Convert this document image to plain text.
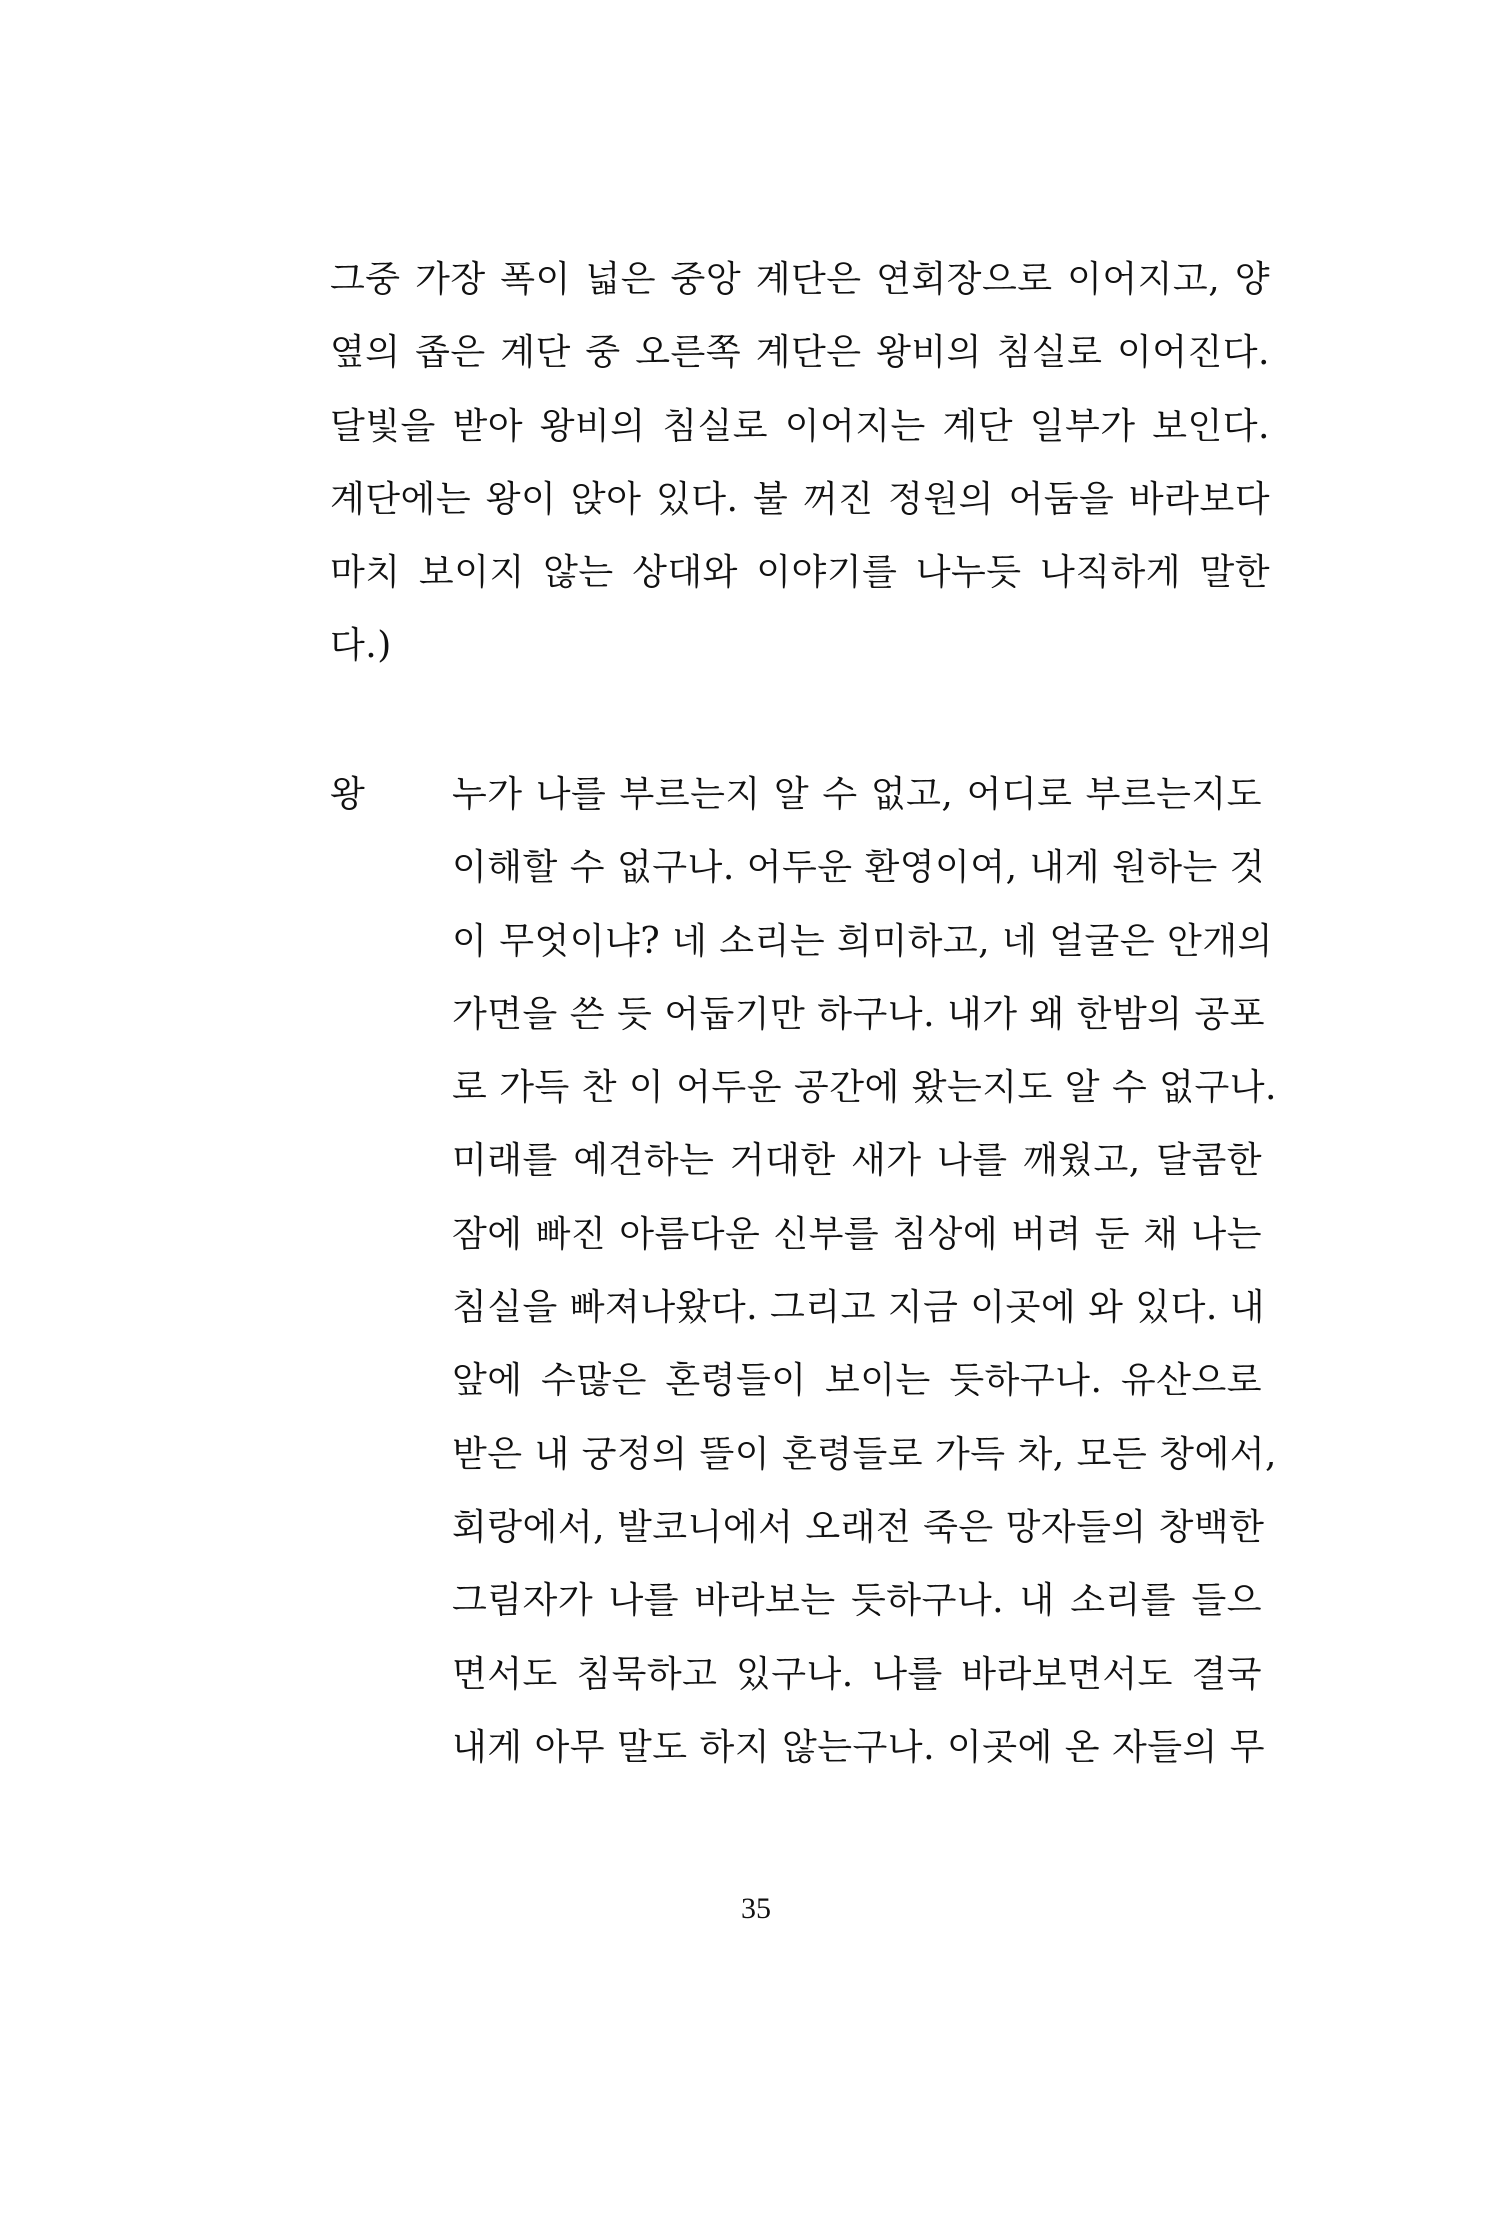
그중 가장 폭이 넓은 중앙 계단은 연회장으로 이어지고, 양
옆의 좁은 계단 중 오른쪽 계단은 왕비의 침실로 이어진다.
달빛을 받아 왕비의 침실로 이어지는 계단 일부가 보인다.
계단에는 왕이 앉아 있다. 불 꺼진 정원의 어둠을 바라보다
마치 보이지 않는 상대와 이야기를 나누듯 나직하게 말한
다.)
왕 누가 나를 부르는지 알 수 없고, 어디로 부르는지도
이해할 수 없구나. 어두운 환영이여, 내게 원하는 것
이 무엇이냐? 네 소리는 희미하고, 네 얼굴은 안개의
가면을 쓴 듯 어둡기만 하구나. 내가 왜 한밤의 공포
로 가득 찬 이 어두운 공간에 왔는지도 알 수 없구나.
미래를 예견하는 거대한 새가 나를 깨웠고, 달콤한
잠에 빠진 아름다운 신부를 침상에 버려 둔 채 나는
침실을 빠져나왔다. 그리고 지금 이곳에 와 있다. 내
앞에 수많은 혼령들이 보이는 듯하구나. 유산으로
받은 내 궁정의 뜰이 혼령들로 가득 차, 모든 창에서,
회랑에서, 발코니에서 오래전 죽은 망자들의 창백한
그림자가 나를 바라보는 듯하구나. 내 소리를 들으
면서도 침묵하고 있구나. 나를 바라보면서도 결국
내게 아무 말도 하지 않는구나. 이곳에 온 자들의 무
35
